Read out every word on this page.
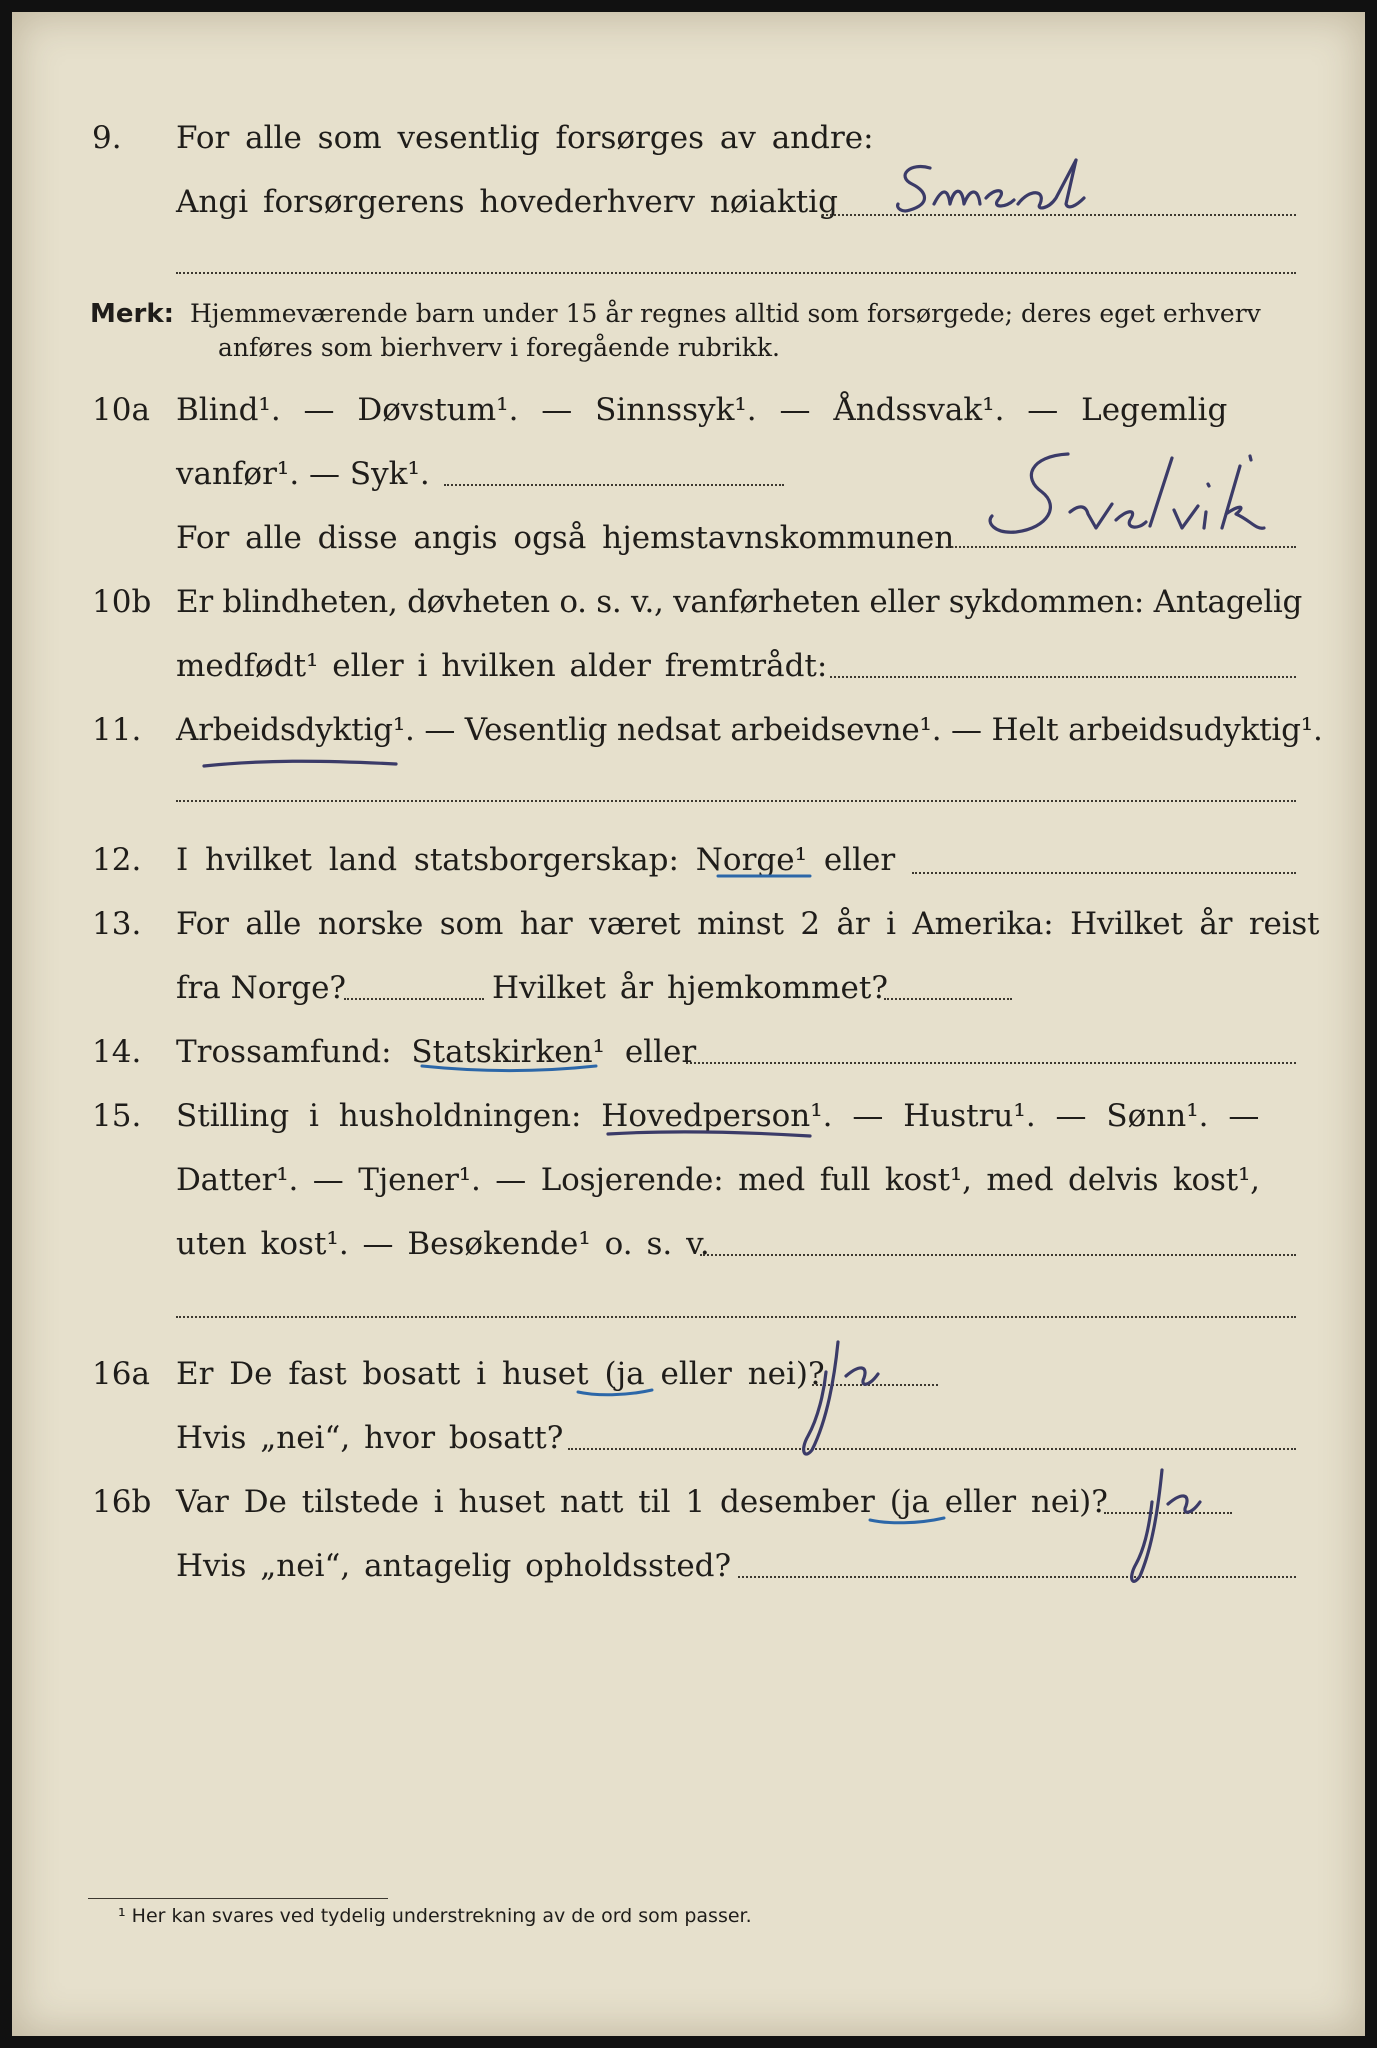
9. For alle som vesentlig forsørges av andre:
Angi forsørgerens hovederhverv nøiaktig
Merk: Hjemmeværende barn under 15 år regnes alltid som forsørgede; deres eget erhverv
anføres som bierhverv i foregående rubrikk.
10a Blind¹. — Døvstum¹. — Sinnssyk¹. — Åndssvak¹. — Legemlig
vanfør¹. — Syk¹.
For alle disse angis også hjemstavnskommunen
10b Er blindheten, døvheten o. s. v., vanførheten eller sykdommen: Antagelig
medfødt¹ eller i hvilken alder fremtrådt:
11. Arbeidsdyktig¹. — Vesentlig nedsat arbeidsevne¹. — Helt arbeidsudyktig¹.
12. I hvilket land statsborgerskap: Norge¹ eller
13. For alle norske som har været minst 2 år i Amerika: Hvilket år reist
fra Norge?	Hvilket år hjemkommet?
14. Trossamfund: Statskirken¹ eller
15. Stilling i husholdningen: Hovedperson¹. — Hustru¹. — Sønn¹. —
Datter¹. — Tjener¹. — Losjerende: med full kost¹, med delvis kost¹,
uten kost¹. — Besøkende¹ o. s. v.
16a Er De fast bosatt i huset (ja eller nei)?
Hvis „nei“, hvor bosatt?
16b Var De tilstede i huset natt til 1 desember (ja eller nei)?
Hvis „nei“, antagelig opholdssted?
¹ Her kan svares ved tydelig understrekning av de ord som passer.
